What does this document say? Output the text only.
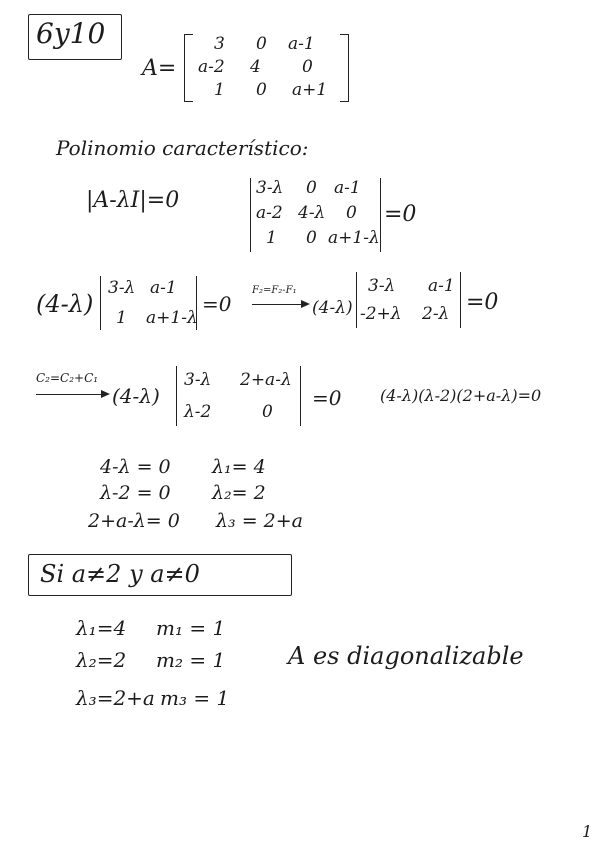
6y10
A=
3 0 a-1
a-2 4 0
1 0 a+1
Polinomio característico:
|A-λI|=0	3-λ 0 a-1
a-2 4-λ 0
1 0 a+1-λ
=0
(4-λ)
3-λ a-1
1 a+1-λ
=0
F₂=F₂-F₁
(4-λ)
3-λ a-1
-2+λ 2-λ =0
C₂=C₂+C₁
(4-λ)
3-λ 2+a-λ
λ-2	0
=0 (4-λ)(λ-2)(2+a-λ)=0
4-λ = 0 λ₁= 4
λ-2 = 0 λ₂= 2
2+a-λ= 0 λ₃ = 2+a
Si a≠2 y a≠0
λ₁=4 m₁ = 1
λ₂=2 m₂ = 1
λ₃=2+a m₃ = 1
A es diagonalizable
1
